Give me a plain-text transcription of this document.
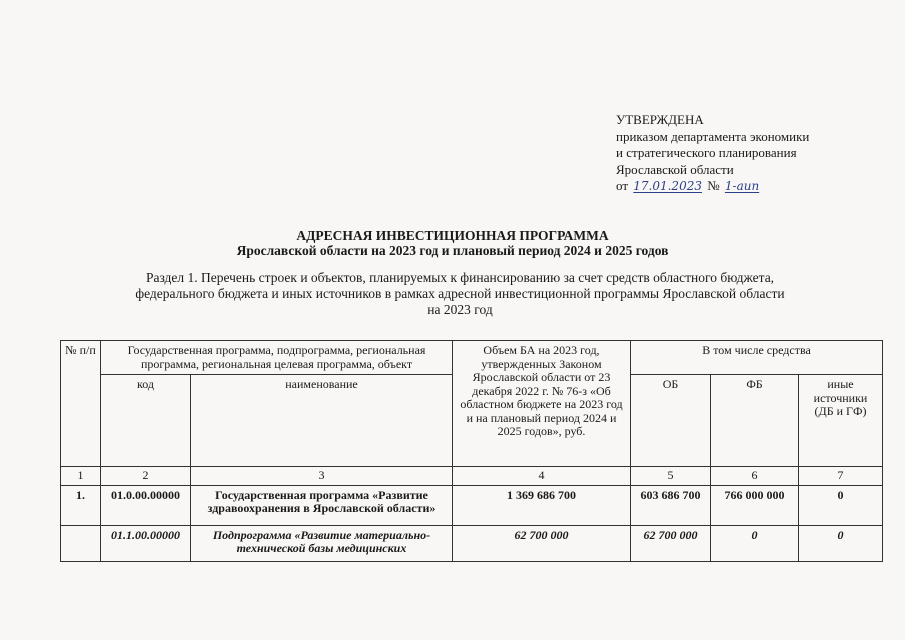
УТВЕРЖДЕНА
приказом департамента экономики
и стратегического планирования
Ярославской области
от 17.01.2023 № 1-аип
АДРЕСНАЯ ИНВЕСТИЦИОННАЯ ПРОГРАММА
Ярославской области на 2023 год и плановый период 2024 и 2025 годов
Раздел 1. Перечень строек и объектов, планируемых к финансированию за счет средств областного бюджета,
федерального бюджета и иных источников в рамках адресной инвестиционной программы Ярославской области
на 2023 год
№ п/п	Государственная программа, подпрограмма, региональная программа, региональная целевая программа, объект		Объем БА на 2023 год, утвержденных Законом Ярославской области от 23 декабря 2022 г. № 76-з «Об областном бюджете на 2023 год и на плановый период 2024 и 2025 годов», руб.	В том числе средства		
	код	наименование		ОБ	ФБ	иные источники (ДБ и ГФ)
1	2	3	4	5	6	7
1.	01.0.00.00000	Государственная программа «Развитие здравоохранения в Ярославской области»	1 369 686 700	603 686 700	766 000 000	0
	01.1.00.00000	Подпрограмма «Развитие материально-технической базы медицинских	62 700 000	62 700 000	0	0
